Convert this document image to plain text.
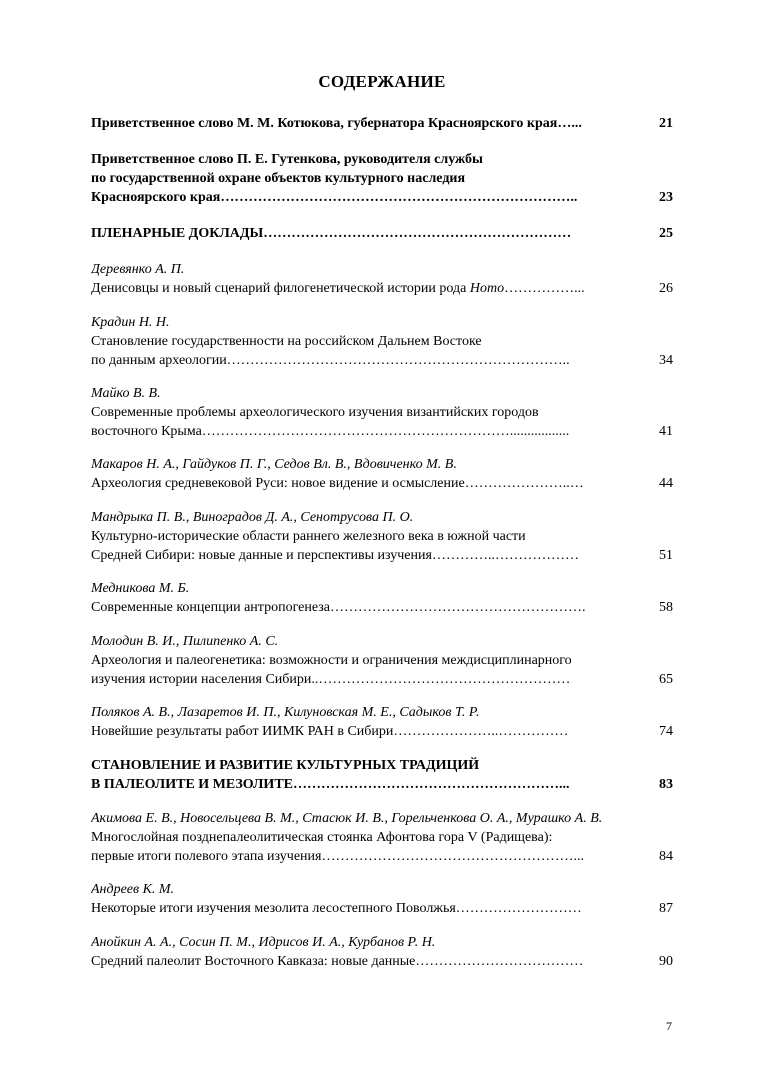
СОДЕРЖАНИЕ
Приветственное слово М. М. Котюкова, губернатора Красноярского края…...	21
Приветственное слово П. Е. Гутенкова, руководителя службы
по государственной охране объектов культурного наследия
Красноярского края…………………………………………………………………..	23
ПЛЕНАРНЫЕ ДОКЛАДЫ…………………………………………………………	25
Деревянко А. П.
Денисовцы и новый сценарий филогенетической истории рода Homo……………...	26
Крадин Н. Н.
Становление государственности на российском Дальнем Востоке
по данным археологии………………………………………………………………..	34
Майко В. В.
Современные проблемы археологического изучения византийских городов
восточного Крыма………………………………………………………….................	41
Макаров Н. А., Гайдуков П. Г., Седов Вл. В., Вдовиченко М. В.
Археология средневековой Руси: новое видение и осмысление…………………..…	44
Мандрыка П. В., Виноградов Д. А., Сенотрусова П. О.
Культурно-исторические области раннего железного века в южной части
Средней Сибири: новые данные и перспективы изучения…………..………………	51
Медникова М. Б.
Современные концепции антропогенеза……………………………………………….	58
Молодин В. И., Пилипенко А. С.
Археология и палеогенетика: возможности и ограничения междисциплинарного
изучения истории населения Сибири..………………………………………………	65
Поляков А. В., Лазаретов И. П., Килуновская М. Е., Садыков Т. Р.
Новейшие результаты работ ИИМК РАН в Сибири…………………..……………	74
СТАНОВЛЕНИЕ И РАЗВИТИЕ КУЛЬТУРНЫХ ТРАДИЦИЙ
В ПАЛЕОЛИТЕ И МЕЗОЛИТЕ…………………………………………………...	83
Акимова Е. В., Новосельцева В. М., Стасюк И. В., Горельченкова О. А., Мурашко А. В.
Многослойная позднепалеолитическая стоянка Афонтова гора V (Радищева):
первые итоги полевого этапа изучения………………………………………………...	84
Андреев К. М.
Некоторые итоги изучения мезолита лесостепного Поволжья………………………	87
Анойкин А. А., Сосин П. М., Идрисов И. А., Курбанов Р. Н.
Средний палеолит Восточного Кавказа: новые данные………………………………	90
7
